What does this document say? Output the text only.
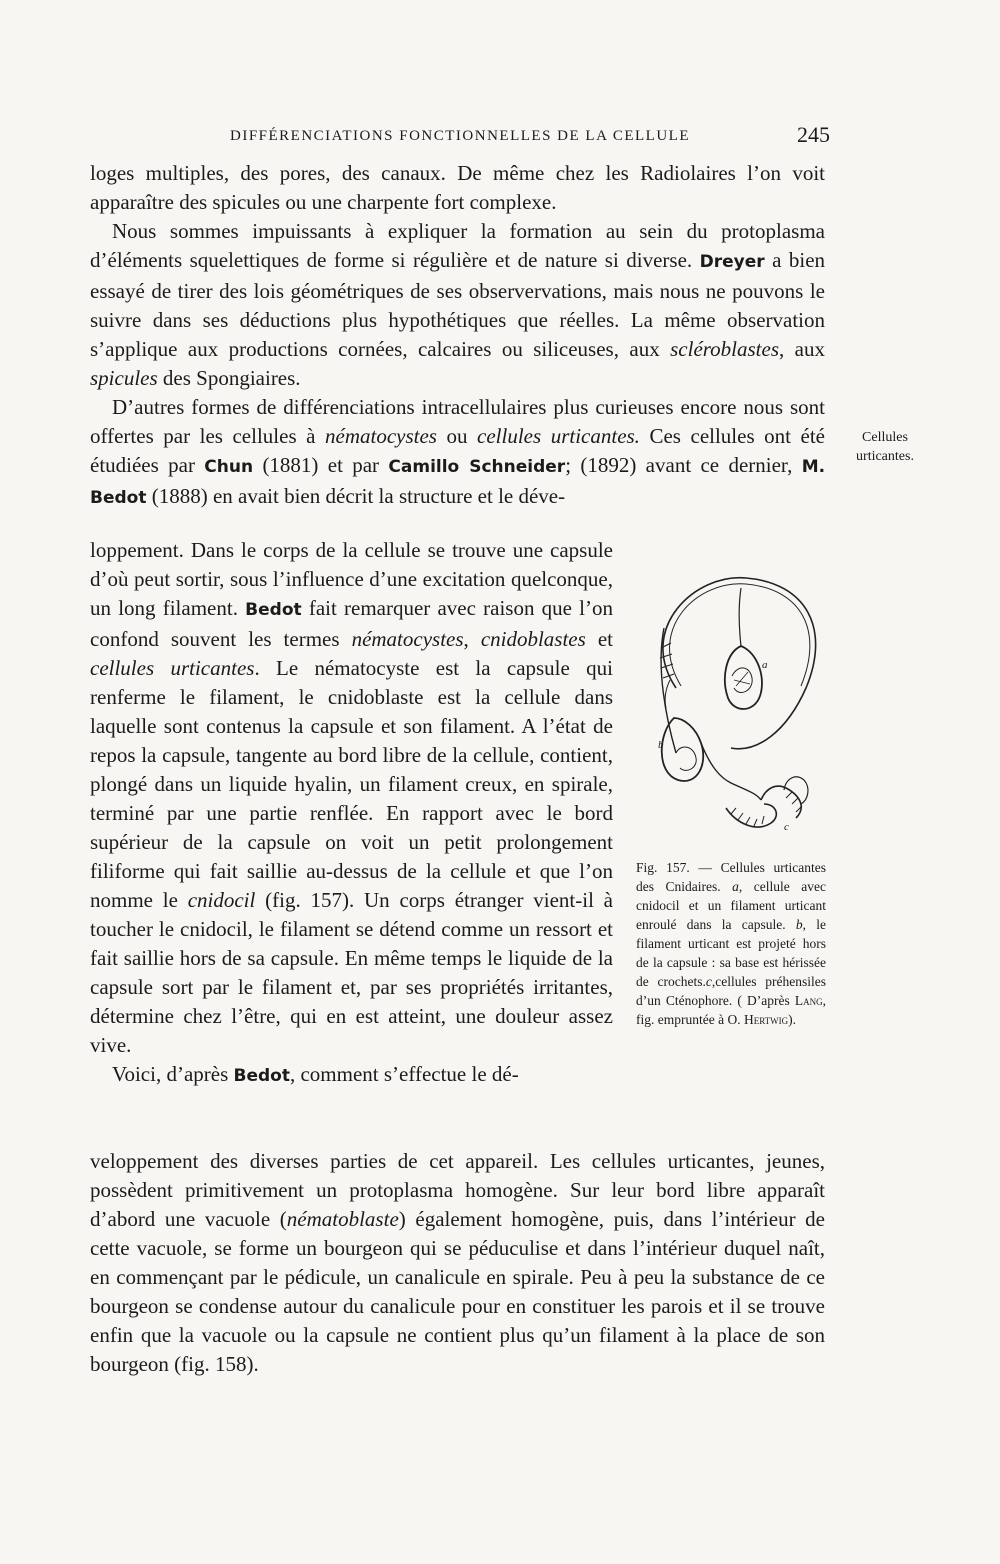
DIFFÉRENCIATIONS FONCTIONNELLES DE LA CELLULE	245

loges multiples, des pores, des canaux. De même chez les Radiolaires l’on voit apparaître des spicules ou une charpente fort complexe.

Nous sommes impuissants à expliquer la formation au sein du protoplasma d’éléments squelettiques de forme si régulière et de nature si diverse. Dreyer a bien essayé de tirer des lois géométriques de ses observervations, mais nous ne pouvons le suivre dans ses déductions plus hypothétiques que réelles. La même observation s’applique aux productions cornées, calcaires ou siliceuses, aux scléroblastes, aux spicules des Spongiaires.

D’autres formes de différenciations intracellulaires plus curieuses encore nous sont offertes par les cellules à nématocystes ou cellules urticantes. Ces cellules ont été étudiées par Chun (1881) et par Camillo Schneider; (1892) avant ce dernier, M. Bedot (1888) en avait bien décrit la structure et le déve-

Cellules
urticantes.

loppement. Dans le corps de la cellule se trouve une capsule d’où peut sortir, sous l’influence d’une excitation quelconque, un long filament. Bedot fait remarquer avec raison que l’on confond souvent les termes nématocystes, cnidoblastes et cellules urticantes. Le nématocyste est la capsule qui renferme le filament, le cnidoblaste est la cellule dans laquelle sont contenus la capsule et son filament. A l’état de repos la capsule, tangente au bord libre de la cellule, contient, plongé dans un liquide hyalin, un filament creux, en spirale, terminé par une partie renflée. En rapport avec le bord supérieur de la capsule on voit un petit prolongement filiforme qui fait saillie au-dessus de la cellule et que l’on nomme le cnidocil (fig. 157). Un corps étranger vient-il à toucher le cnidocil, le filament se détend comme un ressort et fait saillie hors de sa capsule. En même temps le liquide de la capsule sort par le filament et, par ses propriétés irritantes, détermine chez l’être, qui en est atteint, une douleur assez vive.

Voici, d’après Bedot, comment s’effectue le dé-

a
b
c
Fig. 157. — Cellules urticantes des Cnidaires. a, cellule avec cnidocil et un filament urticant enroulé dans la capsule. b, le filament urticant est projeté hors de la capsule : sa base est hérissée de crochets.c,cellules préhensiles d’un Cténophore. ( D’après Lang, fig. empruntée à O. Hertwig).

veloppement des diverses parties de cet appareil. Les cellules urticantes, jeunes, possèdent primitivement un protoplasma homogène. Sur leur bord libre apparaît d’abord une vacuole (nématoblaste) également homogène, puis, dans l’intérieur de cette vacuole, se forme un bourgeon qui se péduculise et dans l’intérieur duquel naît, en commençant par le pédicule, un canalicule en spirale. Peu à peu la substance de ce bourgeon se condense autour du canalicule pour en constituer les parois et il se trouve enfin que la vacuole ou la capsule ne contient plus qu’un filament à la place de son bourgeon (fig. 158).
